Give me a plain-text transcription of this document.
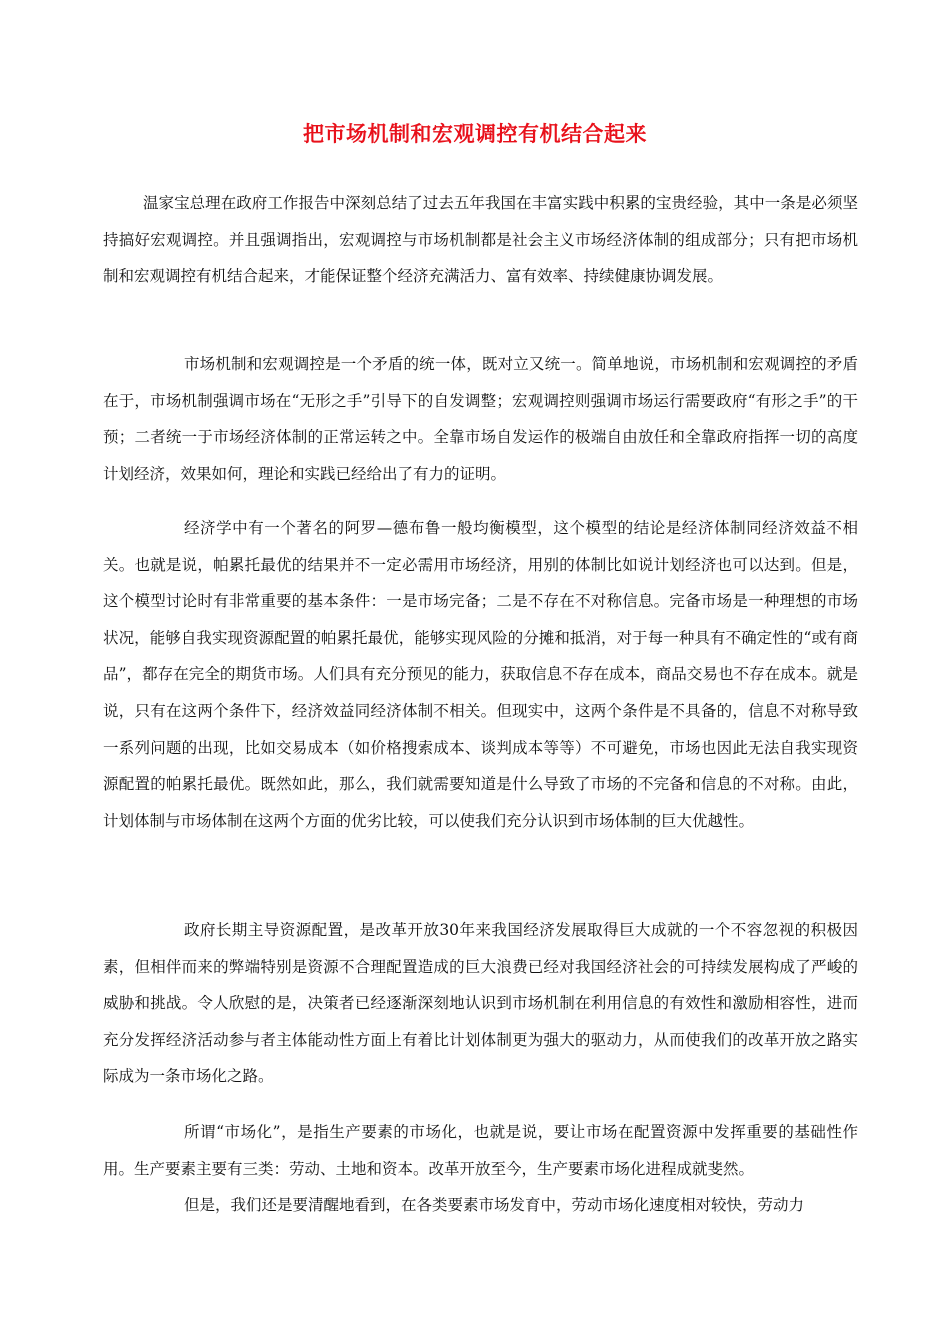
把市场机制和宏观调控有机结合起来

温家宝总理在政府工作报告中深刻总结了过去五年我国在丰富实践中积累的宝贵经验，其中一条是必须坚持搞好宏观调控。并且强调指出，宏观调控与市场机制都是社会主义市场经济体制的组成部分；只有把市场机制和宏观调控有机结合起来，才能保证整个经济充满活力、富有效率、持续健康协调发展。

市场机制和宏观调控是一个矛盾的统一体，既对立又统一。简单地说，市场机制和宏观调控的矛盾在于，市场机制强调市场在“无形之手”引导下的自发调整；宏观调控则强调市场运行需要政府“有形之手”的干预；二者统一于市场经济体制的正常运转之中。全靠市场自发运作的极端自由放任和全靠政府指挥一切的高度计划经济，效果如何，理论和实践已经给出了有力的证明。

经济学中有一个著名的阿罗—德布鲁一般均衡模型，这个模型的结论是经济体制同经济效益不相关。也就是说，帕累托最优的结果并不一定必需用市场经济，用别的体制比如说计划经济也可以达到。但是，这个模型讨论时有非常重要的基本条件：一是市场完备；二是不存在不对称信息。完备市场是一种理想的市场状况，能够自我实现资源配置的帕累托最优，能够实现风险的分摊和抵消，对于每一种具有不确定性的“或有商品”，都存在完全的期货市场。人们具有充分预见的能力，获取信息不存在成本，商品交易也不存在成本。就是说，只有在这两个条件下，经济效益同经济体制不相关。但现实中，这两个条件是不具备的，信息不对称导致一系列问题的出现，比如交易成本（如价格搜索成本、谈判成本等等）不可避免，市场也因此无法自我实现资源配置的帕累托最优。既然如此，那么，我们就需要知道是什么导致了市场的不完备和信息的不对称。由此，计划体制与市场体制在这两个方面的优劣比较，可以使我们充分认识到市场体制的巨大优越性。

政府长期主导资源配置，是改革开放30年来我国经济发展取得巨大成就的一个不容忽视的积极因素，但相伴而来的弊端特别是资源不合理配置造成的巨大浪费已经对我国经济社会的可持续发展构成了严峻的威胁和挑战。令人欣慰的是，决策者已经逐渐深刻地认识到市场机制在利用信息的有效性和激励相容性，进而充分发挥经济活动参与者主体能动性方面上有着比计划体制更为强大的驱动力，从而使我们的改革开放之路实际成为一条市场化之路。

所谓“市场化”，是指生产要素的市场化，也就是说，要让市场在配置资源中发挥重要的基础性作用。生产要素主要有三类：劳动、土地和资本。改革开放至今，生产要素市场化进程成就斐然。

但是，我们还是要清醒地看到，在各类要素市场发育中，劳动市场化速度相对较快，劳动力
